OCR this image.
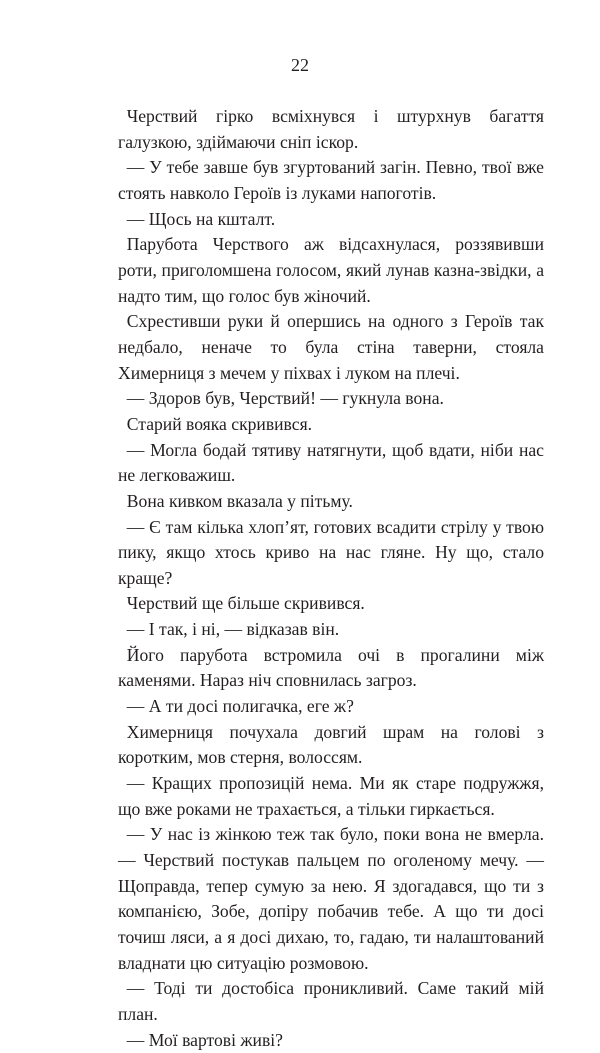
22

Черствий гірко всміхнувся і штурхнув багаття галузкою, здіймаючи сніп іскор.

— У тебе завше був згуртований загін. Певно, твої вже стоять навколо Героїв із луками напоготів.

— Щось на кшталт.

Парубота Черствого аж відсахнулася, роззявивши роти, приголомшена голосом, який лунав казна-звідки, а надто тим, що голос був жіночий.

Схрестивши руки й опершись на одного з Героїв так недбало, неначе то була стіна таверни, стояла Химерниця з мечем у піхвах і луком на плечі.

— Здоров був, Черствий! — гукнула вона.

Старий вояка скривився.

— Могла бодай тятиву натягнути, щоб вдати, ніби нас не легковажиш.

Вона кивком вказала у пітьму.

— Є там кілька хлоп’ят, готових всадити стрілу у твою пику, якщо хтось криво на нас гляне. Ну що, стало краще?

Черствий ще більше скривився.

— І так, і ні, — відказав він.

Його парубота встромила очі в прогалини між каменями. Нараз ніч сповнилась загроз.

— А ти досі полигачка, еге ж?

Химерниця почухала довгий шрам на голові з коротким, мов стерня, волоссям.

— Кращих пропозицій нема. Ми як старе подружжя, що вже роками не трахається, а тільки гиркається.

— У нас із жінкою теж так було, поки вона не вмерла. — Черствий постукав пальцем по оголеному мечу. — Щоправда, тепер сумую за нею. Я здогадався, що ти з компанією, Зобе, допіру побачив тебе. А що ти досі точиш ляси, а я досі дихаю, то, гадаю, ти налаштований владнати цю ситуацію розмовою.

— Тоді ти достобіса проникливий. Саме такий мій план.

— Мої вартові живі?
